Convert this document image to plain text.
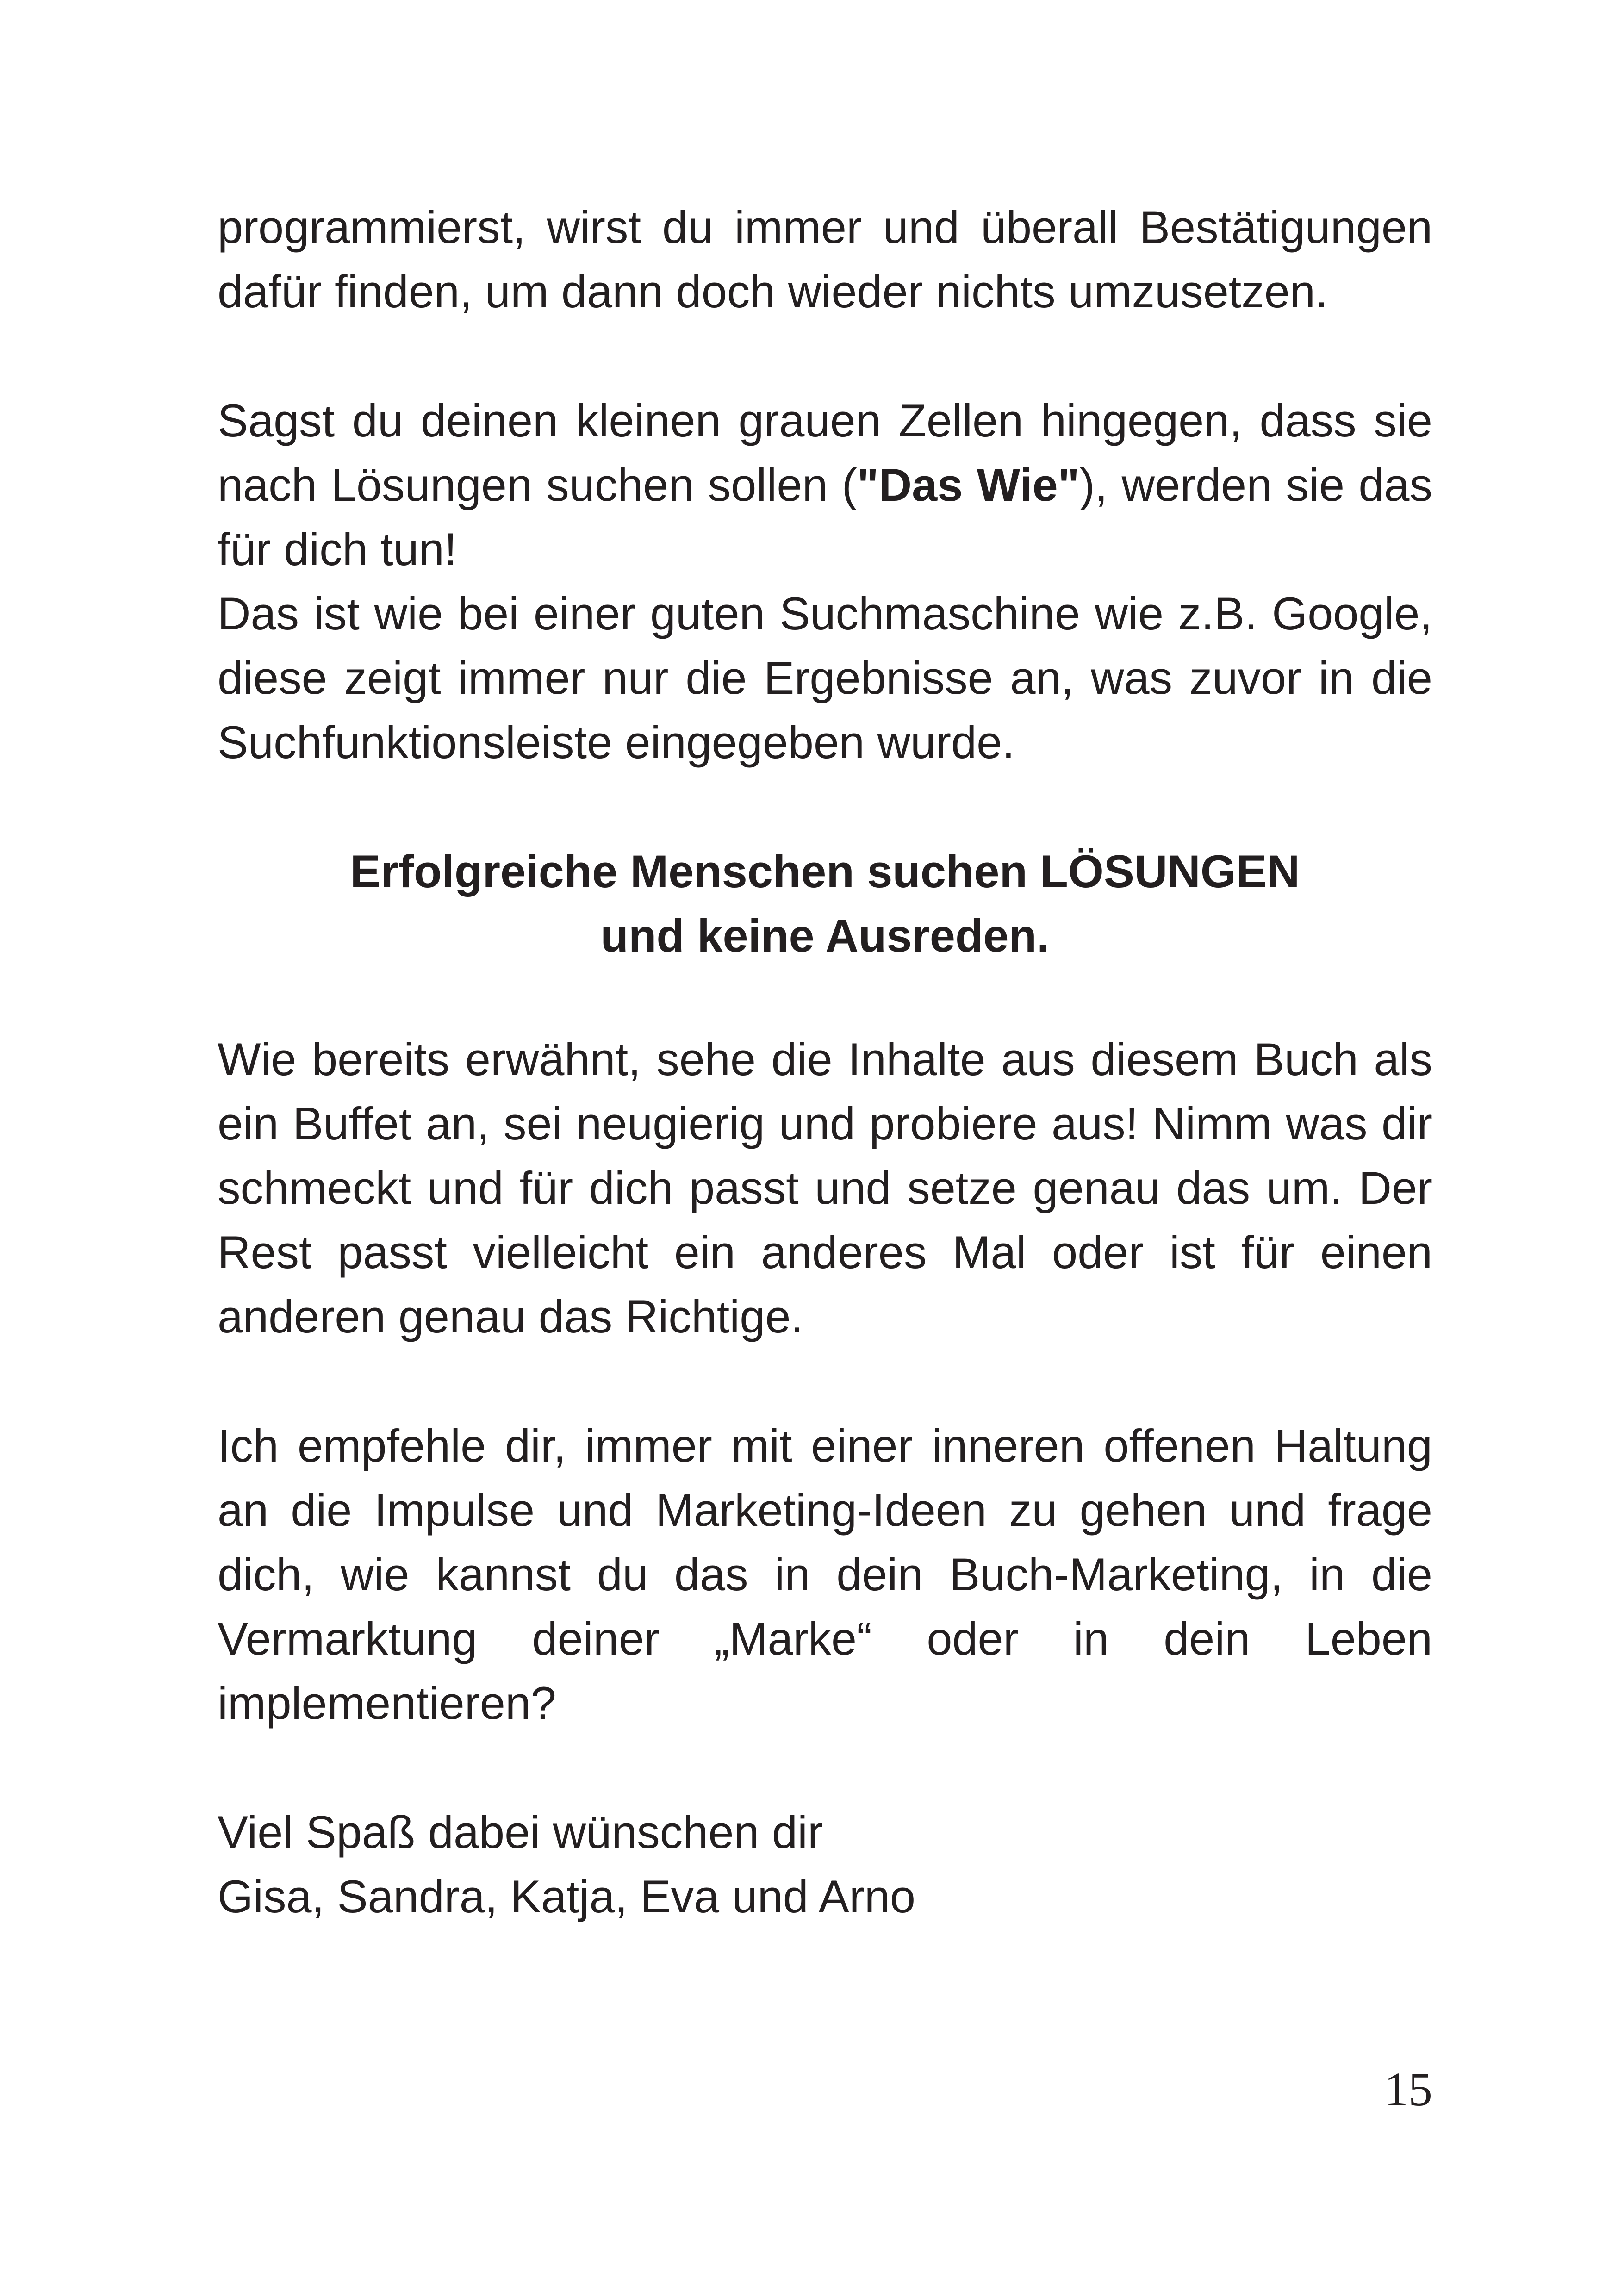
programmierst, wirst du immer und überall Bestätigungen
dafür finden, um dann doch wieder nichts umzusetzen.
Sagst du deinen kleinen grauen Zellen hingegen, dass sie
nach Lösungen suchen sollen ("Das Wie"), werden sie das
für dich tun!
Das ist wie bei einer guten Suchmaschine wie z.B. Google,
diese zeigt immer nur die Ergebnisse an, was zuvor in die
Suchfunktionsleiste eingegeben wurde.
Erfolgreiche Menschen suchen LÖSUNGEN
und keine Ausreden.
Wie bereits erwähnt, sehe die Inhalte aus diesem Buch als
ein Buffet an, sei neugierig und probiere aus! Nimm was dir
schmeckt und für dich passt und setze genau das um. Der
Rest passt vielleicht ein anderes Mal oder ist für einen
anderen genau das Richtige.
Ich empfehle dir, immer mit einer inneren offenen Haltung
an die Impulse und Marketing-Ideen zu gehen und frage
dich, wie kannst du das in dein Buch-Marketing, in die
Vermarktung deiner „Marke“ oder in dein Leben
implementieren?
Viel Spaß dabei wünschen dir
Gisa, Sandra, Katja, Eva und Arno
15
